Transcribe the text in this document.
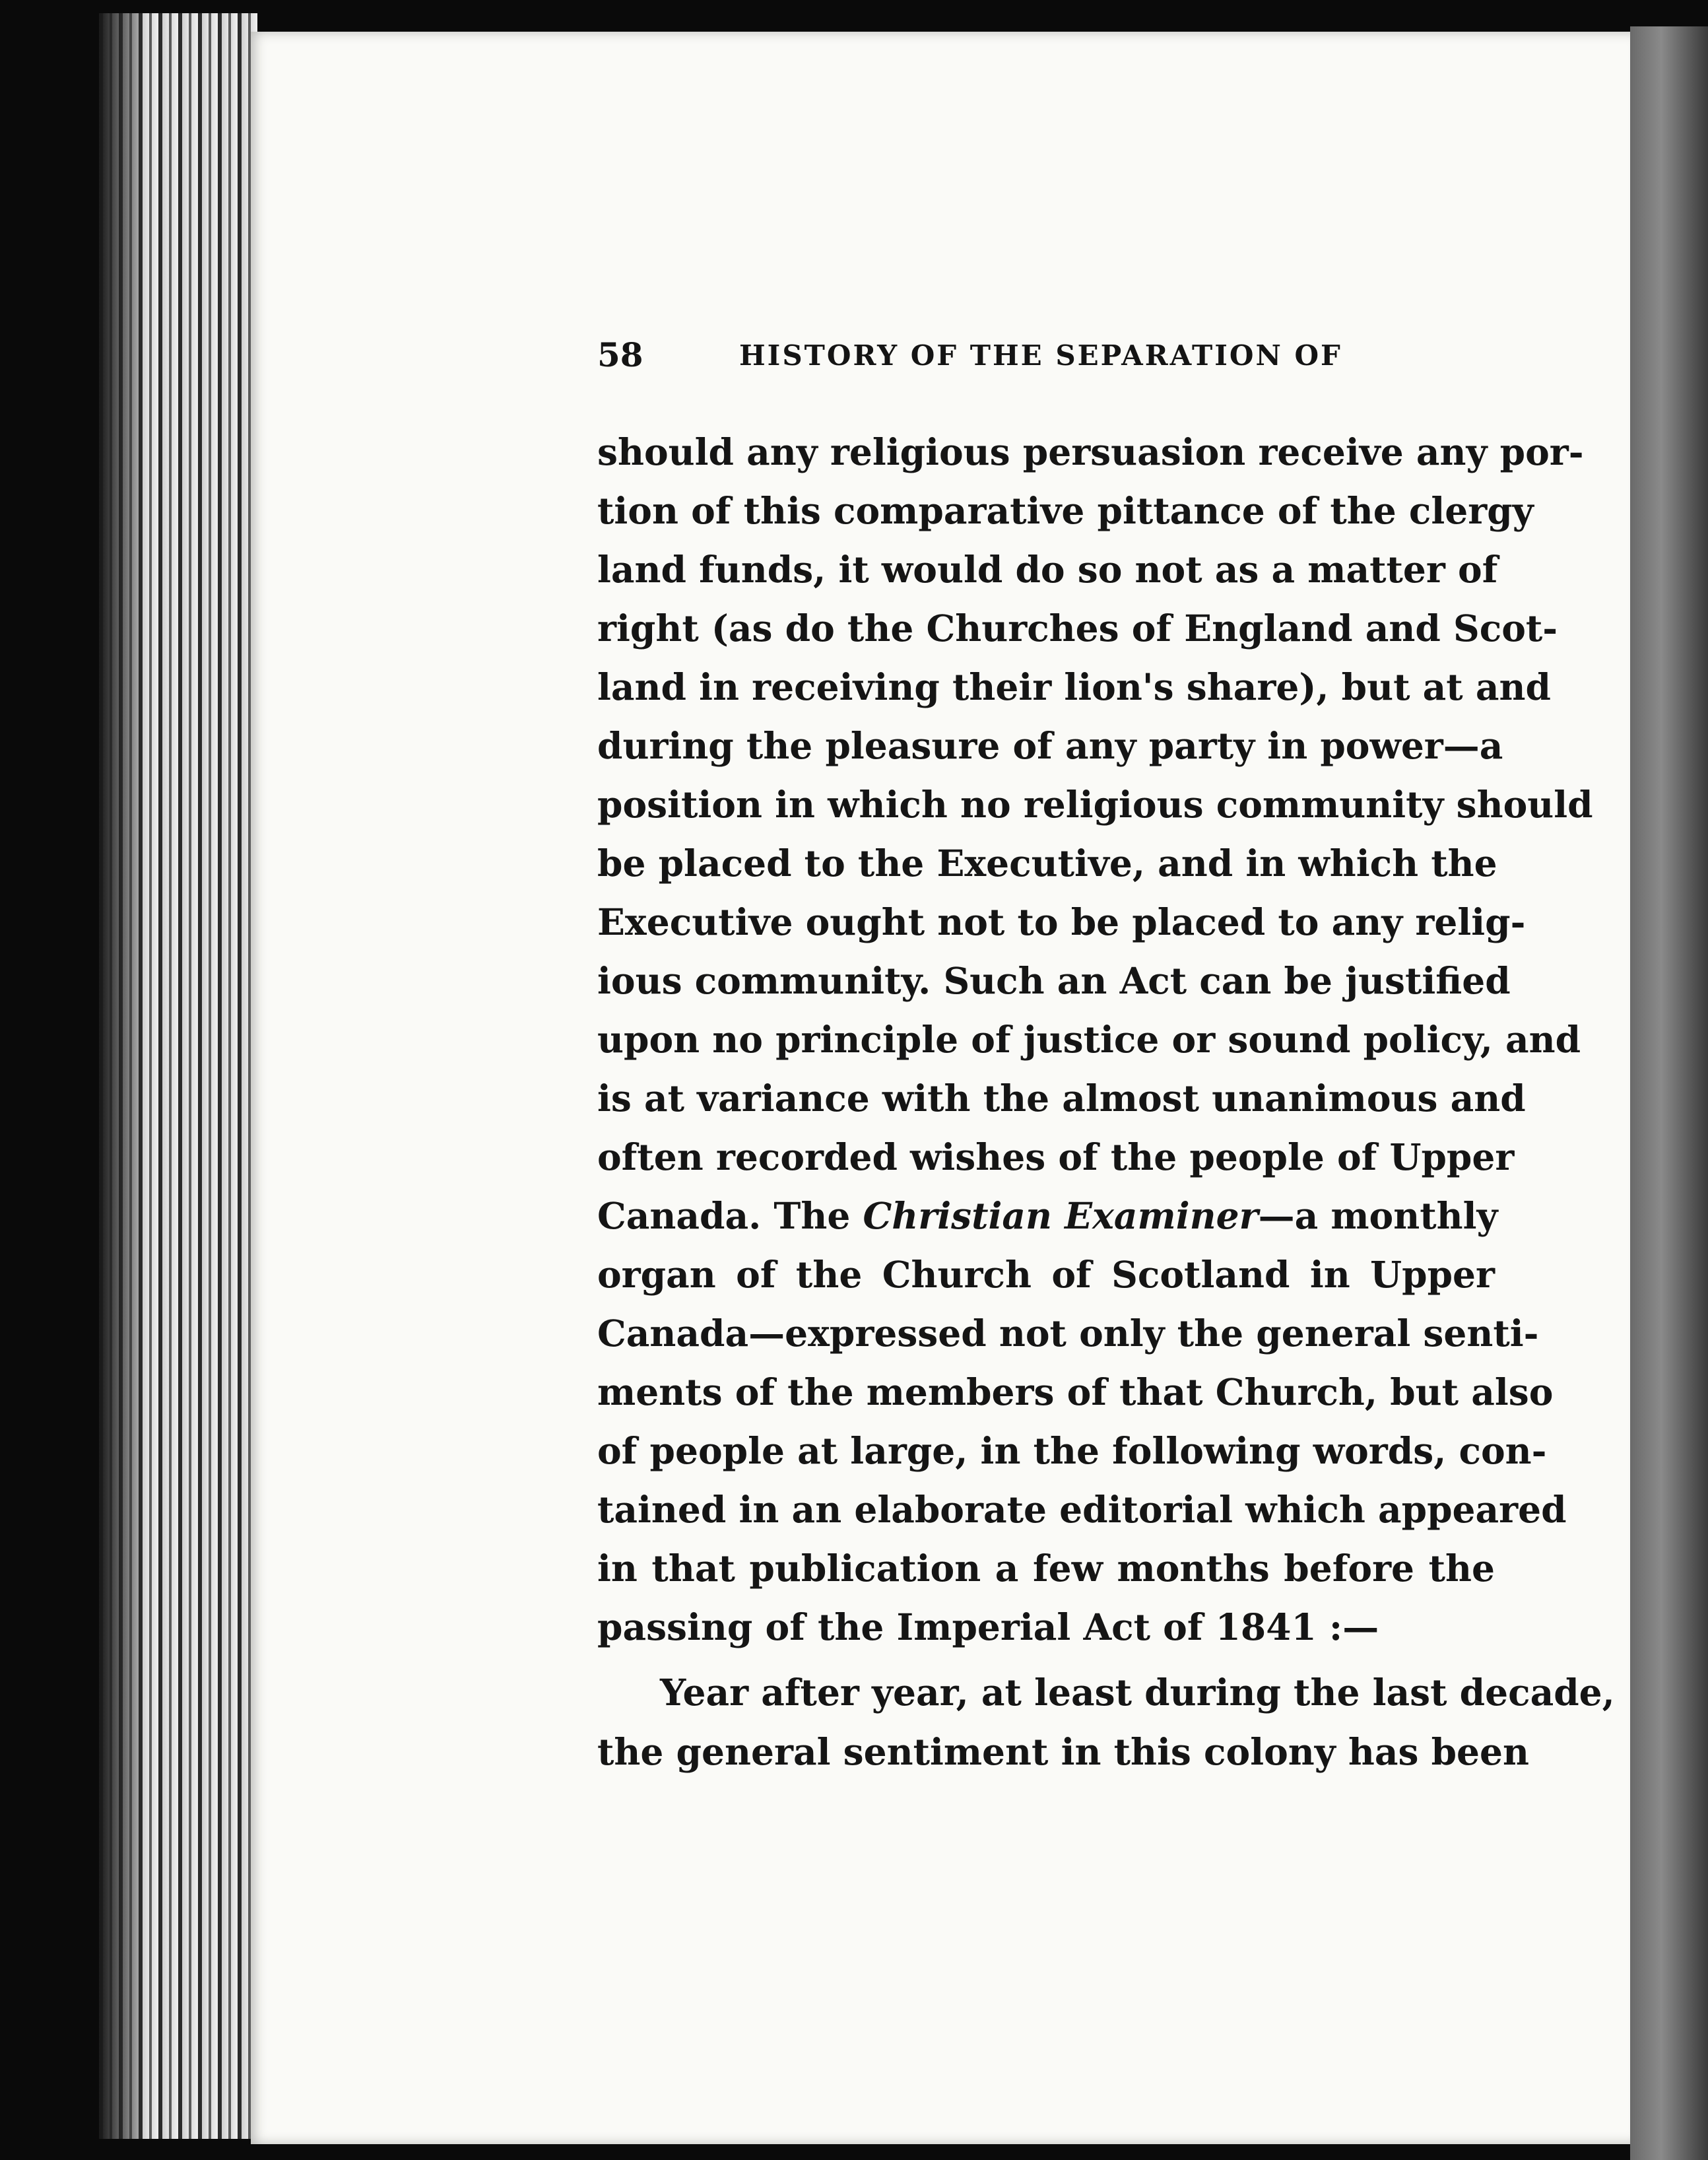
58	HISTORY OF THE SEPARATION OF
should any religious persuasion receive any por-
tion of this comparative pittance of the clergy
land funds, it would do so not as a matter of
right (as do the Churches of England and Scot-
land in receiving their lion's share), but at and
during the pleasure of any party in power—a
position in which no religious community should
be placed to the Executive, and in which the
Executive ought not to be placed to any relig-
ious community. Such an Act can be justified
upon no principle of justice or sound policy, and
is at variance with the almost unanimous and
often recorded wishes of the people of Upper
Canada. The Christian Examiner—a monthly
organ of the Church of Scotland in Upper
Canada—expressed not only the general senti-
ments of the members of that Church, but also
of people at large, in the following words, con-
tained in an elaborate editorial which appeared
in that publication a few months before the
passing of the Imperial Act of 1841 :—
Year after year, at least during the last decade,
the general sentiment in this colony has been
